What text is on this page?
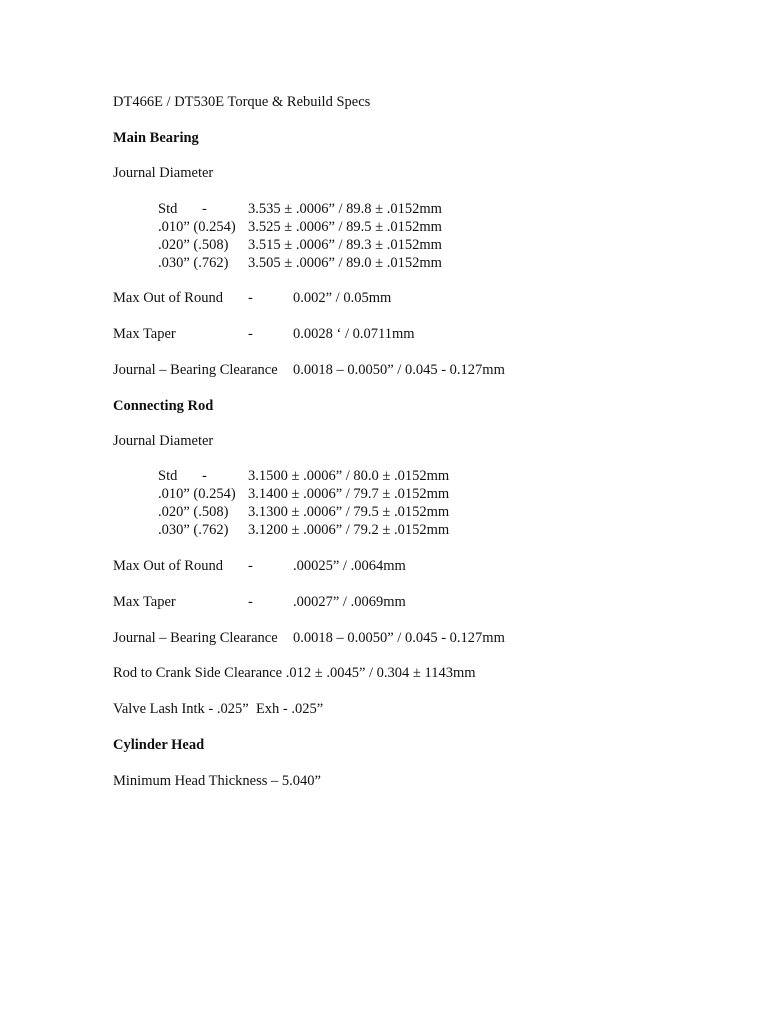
DT466E / DT530E Torque & Rebuild Specs
Main Bearing
Journal Diameter
Std -	3.535 ± .0006” / 89.8 ± .0152mm
.010” (0.254) 3.525 ± .0006” / 89.5 ± .0152mm
.020” (.508) 3.515 ± .0006” / 89.3 ± .0152mm
.030” (.762) 3.505 ± .0006” / 89.0 ± .0152mm
Max Out of Round -	0.002” / 0.05mm
Max Taper	-	0.0028 ‘ / 0.0711mm
Journal – Bearing Clearance 0.0018 – 0.0050” / 0.045 - 0.127mm
Connecting Rod
Journal Diameter
Std -	3.1500 ± .0006” / 80.0 ± .0152mm
.010” (0.254) 3.1400 ± .0006” / 79.7 ± .0152mm
.020” (.508) 3.1300 ± .0006” / 79.5 ± .0152mm
.030” (.762) 3.1200 ± .0006” / 79.2 ± .0152mm
Max Out of Round -	.00025” / .0064mm
Max Taper	-	.00027” / .0069mm
Journal – Bearing Clearance 0.0018 – 0.0050” / 0.045 - 0.127mm
Rod to Crank Side Clearance .012 ± .0045” / 0.304 ± 1143mm
Valve Lash Intk - .025”  Exh - .025”
Cylinder Head
Minimum Head Thickness – 5.040”
